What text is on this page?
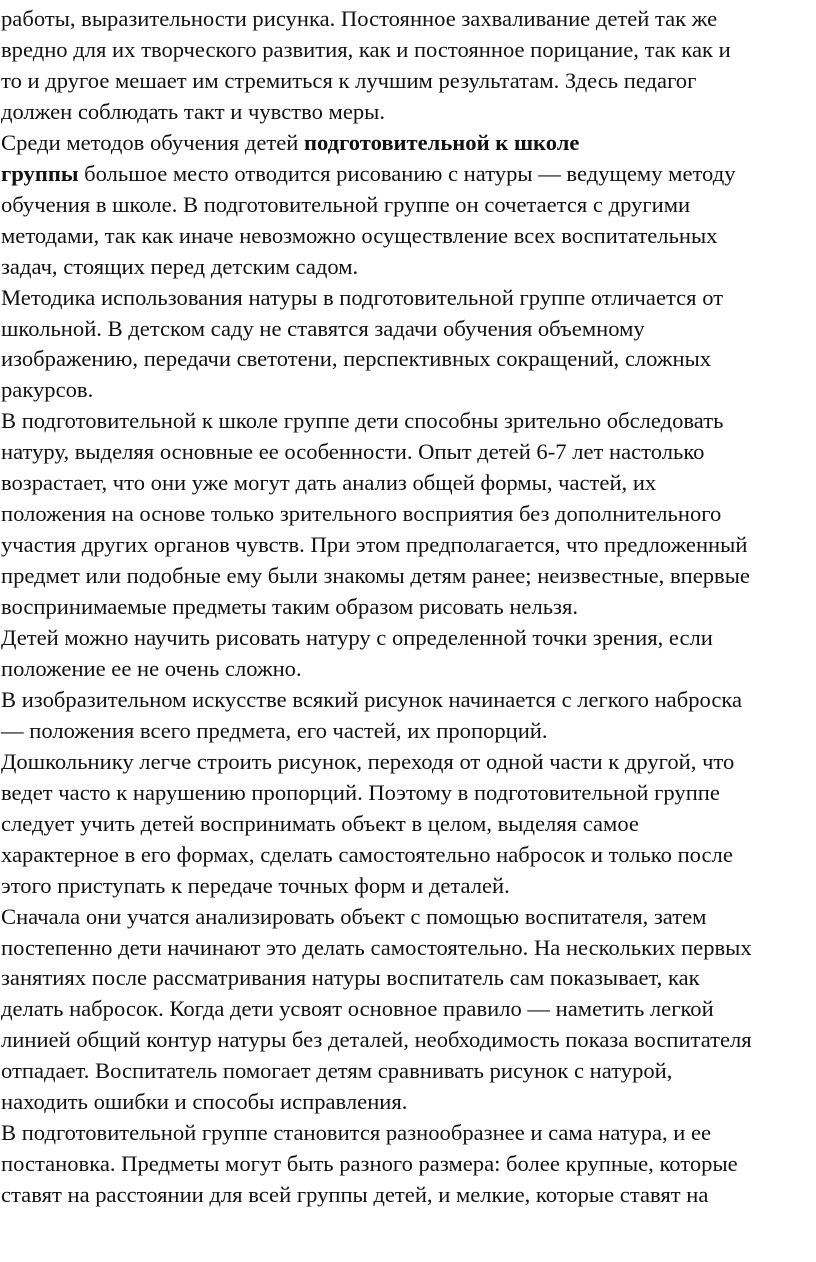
работы, выразительности рисунка. Постоянное захваливание детей так же
вредно для их творческого развития, как и постоянное порицание, так как и
то и другое мешает им стремиться к лучшим результатам. Здесь педагог
должен соблюдать такт и чувство меры.
Среди методов обучения детей подготовительной к школе
группы большое место отводится рисованию с натуры — ведущему методу
обучения в школе. В подготовительной группе он сочетается с другими
методами, так как иначе невозможно осуществление всех воспитательных
задач, стоящих перед детским садом.
Методика использования натуры в подготовительной группе отличается от
школьной. В детском саду не ставятся задачи обучения объемному
изображению, передачи светотени, перспективных сокращений, сложных
ракурсов.
В подготовительной к школе группе дети способны зрительно обследовать
натуру, выделяя основные ее особенности. Опыт детей 6-7 лет настолько
возрастает, что они уже могут дать анализ общей формы, частей, их
положения на основе только зрительного восприятия без дополнительного
участия других органов чувств. При этом предполагается, что предложенный
предмет или подобные ему были знакомы детям ранее; неизвестные, впервые
воспринимаемые предметы таким образом рисовать нельзя.
Детей можно научить рисовать натуру с определенной точки зрения, если
положение ее не очень сложно.
В изобразительном искусстве всякий рисунок начинается с легкого наброска
— положения всего предмета, его частей, их пропорций.
Дошкольнику легче строить рисунок, переходя от одной части к другой, что
ведет часто к нарушению пропорций. Поэтому в подготовительной группе
следует учить детей воспринимать объект в целом, выделяя самое
характерное в его формах, сделать самостоятельно набросок и только после
этого приступать к передаче точных форм и деталей.
Сначала они учатся анализировать объект с помощью воспитателя, затем
постепенно дети начинают это делать самостоятельно. На нескольких первых
занятиях после рассматривания натуры воспитатель сам показывает, как
делать набросок. Когда дети усвоят основное правило — наметить легкой
линией общий контур натуры без деталей, необходимость показа воспитателя
отпадает. Воспитатель помогает детям сравнивать рисунок с натурой,
находить ошибки и способы исправления.
В подготовительной группе становится разнообразнее и сама натура, и ее
постановка. Предметы могут быть разного размера: более крупные, которые
ставят на расстоянии для всей группы детей, и мелкие, которые ставят на
